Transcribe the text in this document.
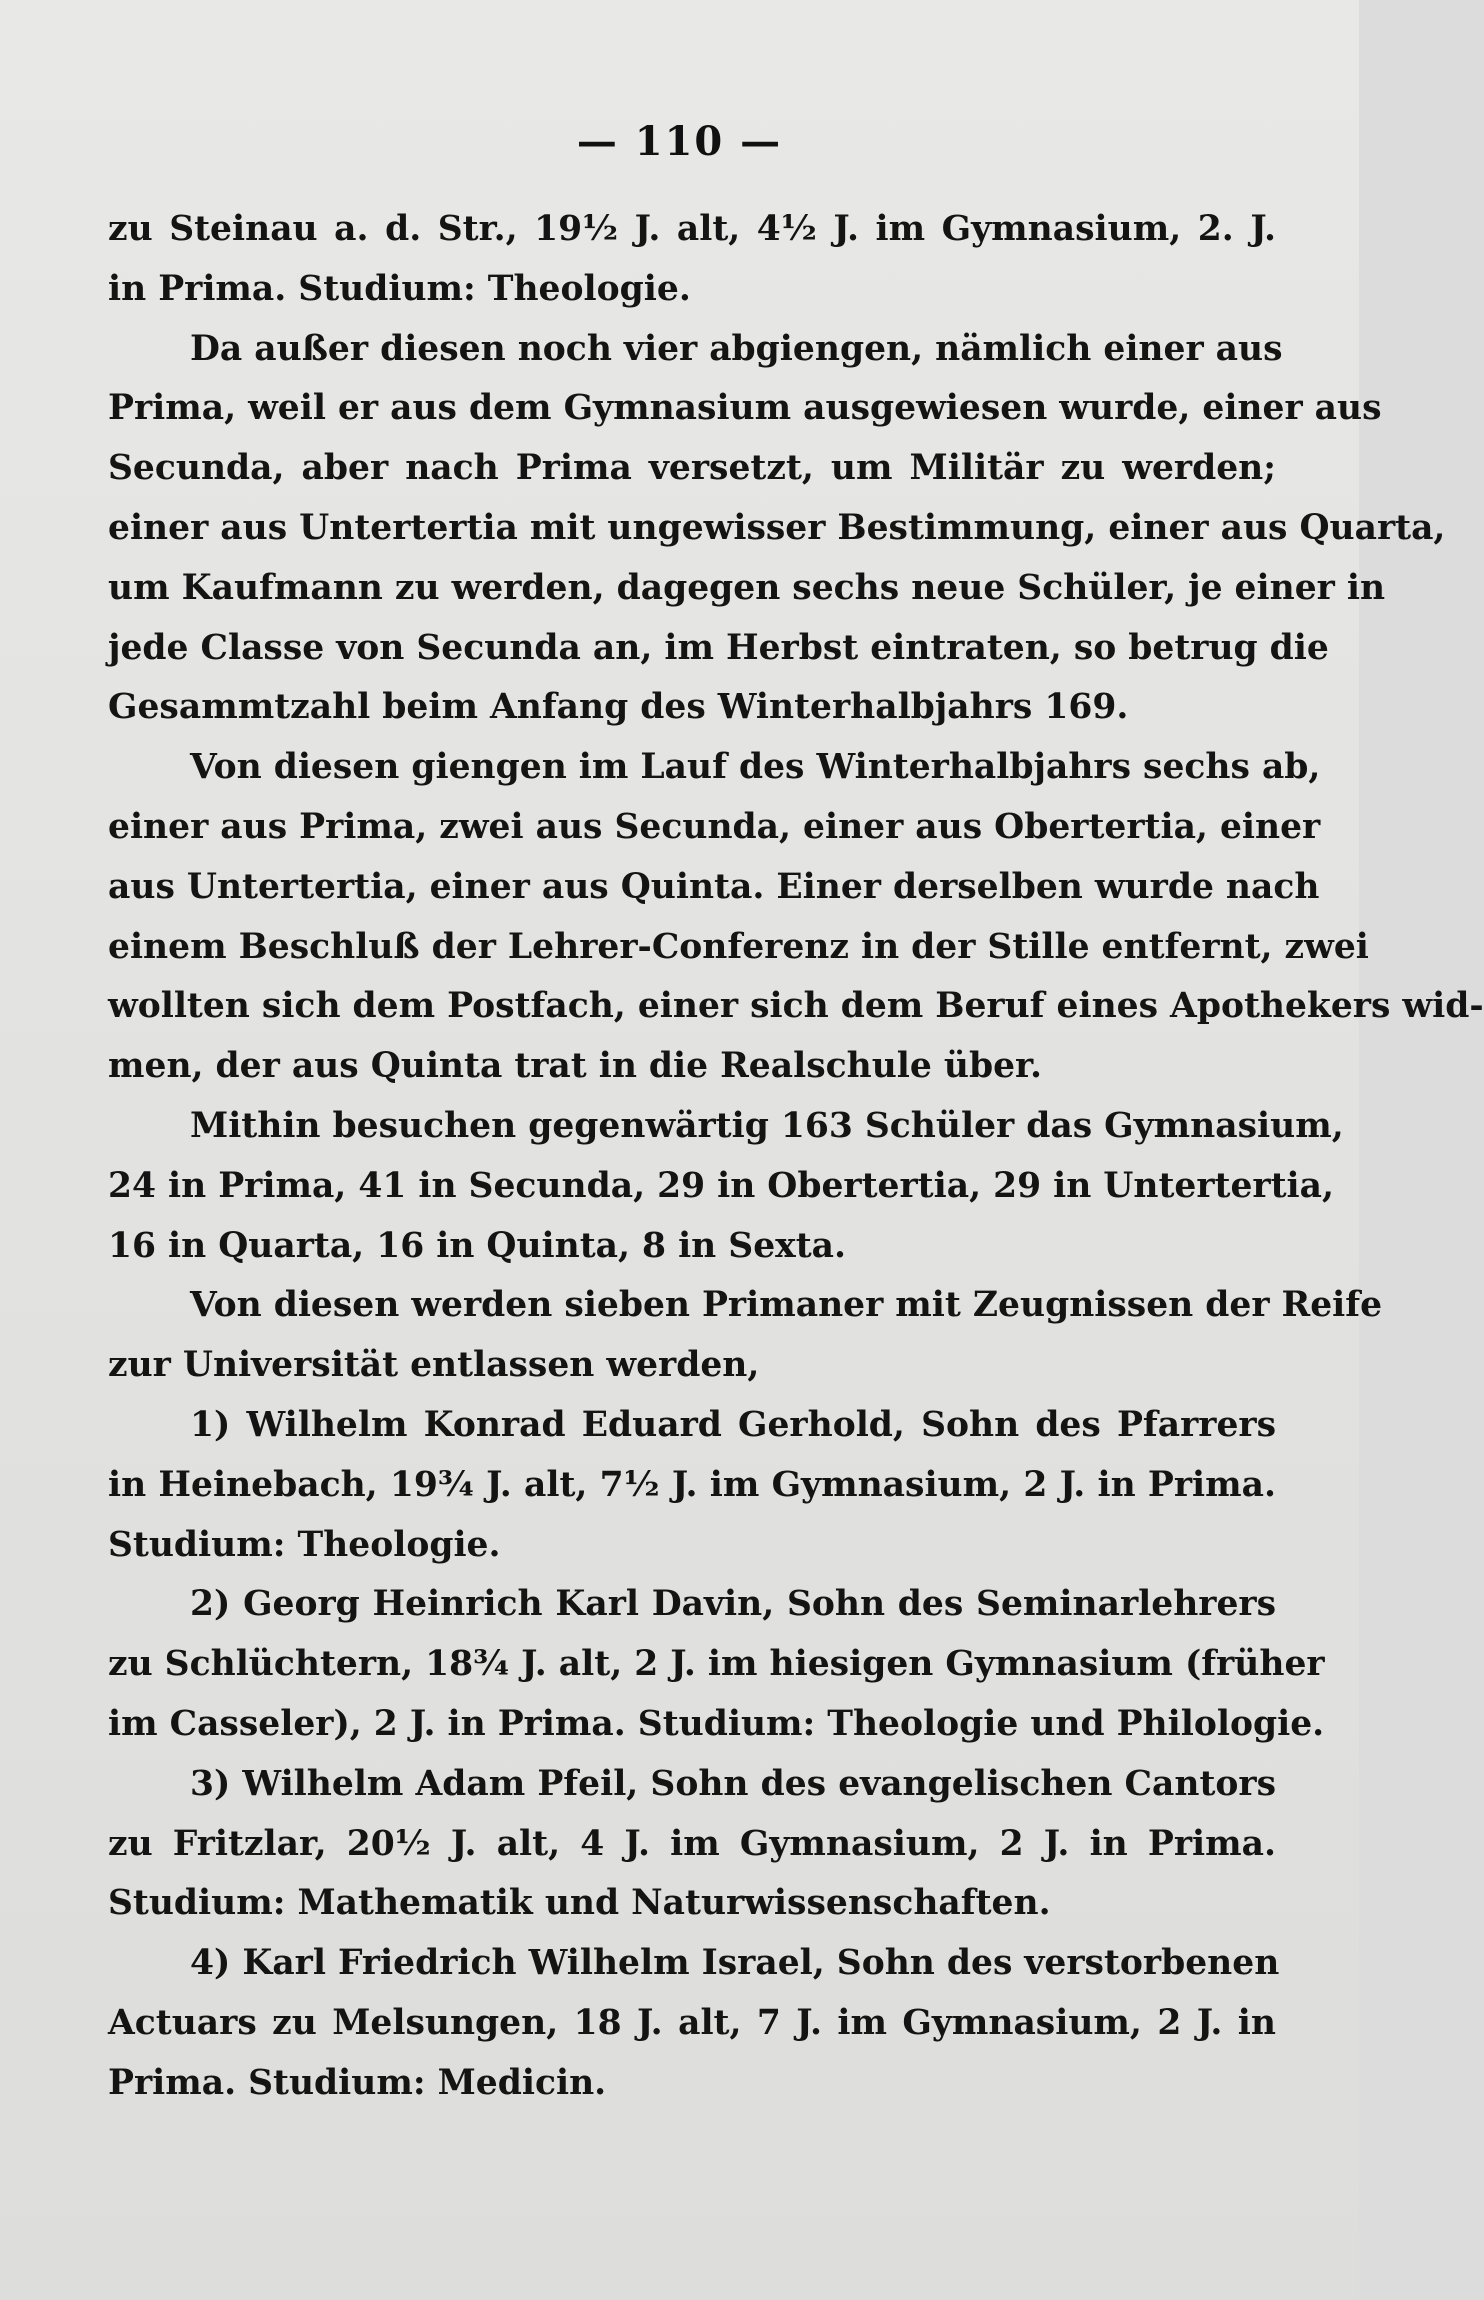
— 110 —
zu Steinau a. d. Str., 19½ J. alt, 4½ J. im Gymnasium, 2. J.
in Prima. Studium: Theologie.
Da außer diesen noch vier abgiengen, nämlich einer aus
Prima, weil er aus dem Gymnasium ausgewiesen wurde, einer aus
Secunda, aber nach Prima versetzt, um Militär zu werden;
einer aus Untertertia mit ungewisser Bestimmung, einer aus Quarta,
um Kaufmann zu werden, dagegen sechs neue Schüler, je einer in
jede Classe von Secunda an, im Herbst eintraten, so betrug die
Gesammtzahl beim Anfang des Winterhalbjahrs 169.
Von diesen giengen im Lauf des Winterhalbjahrs sechs ab,
einer aus Prima, zwei aus Secunda, einer aus Obertertia, einer
aus Untertertia, einer aus Quinta. Einer derselben wurde nach
einem Beschluß der Lehrer-Conferenz in der Stille entfernt, zwei
wollten sich dem Postfach, einer sich dem Beruf eines Apothekers wid-
men, der aus Quinta trat in die Realschule über.
Mithin besuchen gegenwärtig 163 Schüler das Gymnasium,
24 in Prima, 41 in Secunda, 29 in Obertertia, 29 in Untertertia,
16 in Quarta, 16 in Quinta, 8 in Sexta.
Von diesen werden sieben Primaner mit Zeugnissen der Reife
zur Universität entlassen werden,
1) Wilhelm Konrad Eduard Gerhold, Sohn des Pfarrers
in Heinebach, 19¾ J. alt, 7½ J. im Gymnasium, 2 J. in Prima.
Studium: Theologie.
2) Georg Heinrich Karl Davin, Sohn des Seminarlehrers
zu Schlüchtern, 18¾ J. alt, 2 J. im hiesigen Gymnasium (früher
im Casseler), 2 J. in Prima. Studium: Theologie und Philologie.
3) Wilhelm Adam Pfeil, Sohn des evangelischen Cantors
zu Fritzlar, 20½ J. alt, 4 J. im Gymnasium, 2 J. in Prima.
Studium: Mathematik und Naturwissenschaften.
4) Karl Friedrich Wilhelm Israel, Sohn des verstorbenen
Actuars zu Melsungen, 18 J. alt, 7 J. im Gymnasium, 2 J. in
Prima. Studium: Medicin.
